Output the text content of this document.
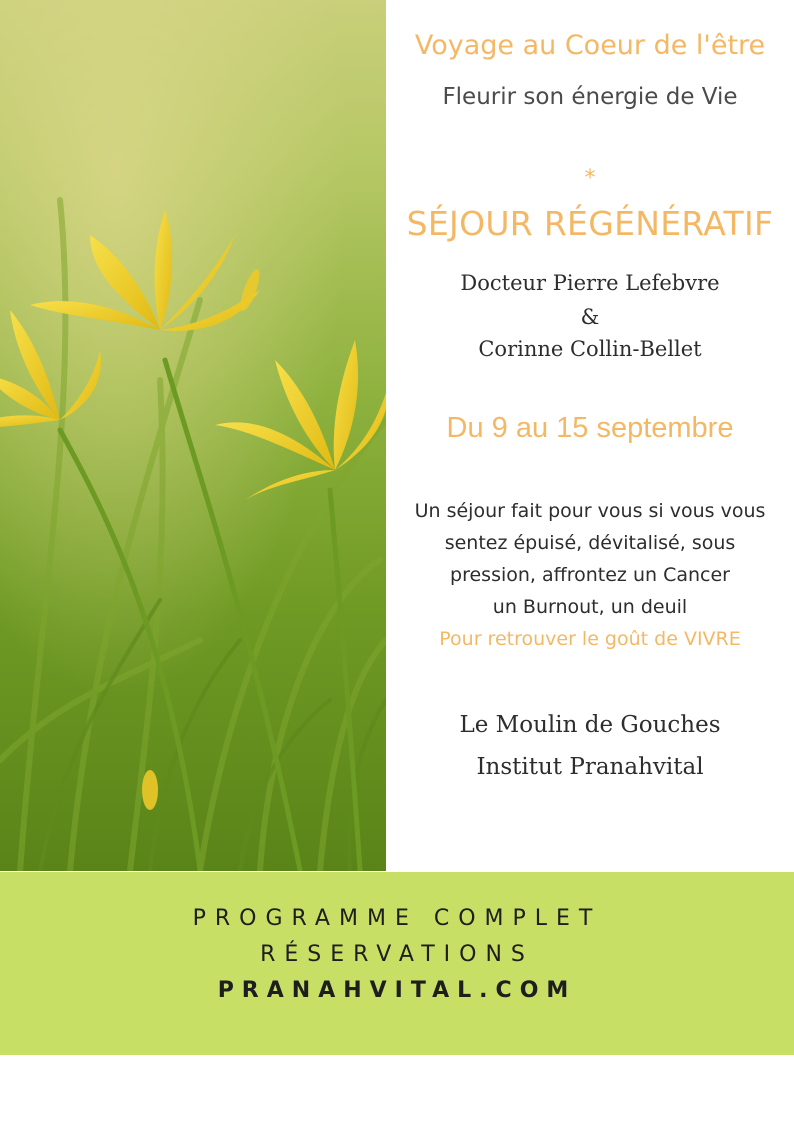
Voyage au Coeur de l'être
Fleurir son énergie de Vie
*
SÉJOUR RÉGÉNÉRATIF
Docteur Pierre Lefebvre
&
Corinne Collin-Bellet
Du 9 au 15 septembre
Un séjour fait pour vous si vous vous
sentez épuisé, dévitalisé, sous
pression, affrontez un Cancer
un Burnout, un deuil
Pour retrouver le goût de VIVRE
Le Moulin de Gouches
Institut Pranahvital
PROGRAMME COMPLET
RÉSERVATIONS
PRANAHVITAL.COM
